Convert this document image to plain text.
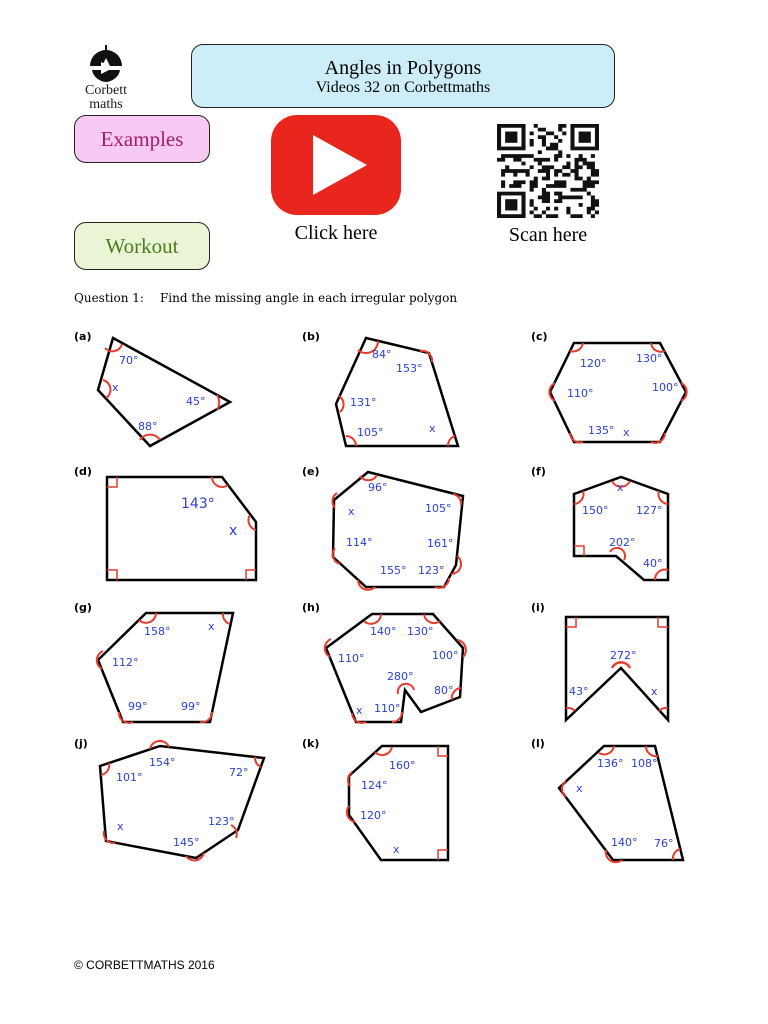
Corbett
maths
Angles in Polygons
Videos 32 on Corbettmaths
Examples
Workout
Click here	Scan here
Question 1: Find the missing angle in each irregular polygon
(a)
70°
x
45°
88°
(b)
84°
153°
131°
105°	x
(c)
120°	130°
110°	100°
135° x
(d)
143°
x
(e)
96°
x	105°
114°	161°
155° 123°
(f)
x
150°	127°
202°
40°
(g)
158°	x
112°
99°	99°
(h)
140° 130°
110°	100°
280°
80°
x 110°
(i)
272°
43°	x
(j)
154°
101°	72°
x	123°
145°
(k)
160°
124°
120°
x
(l)
136° 108°
x
140° 76°
© CORBETTMATHS 2016
